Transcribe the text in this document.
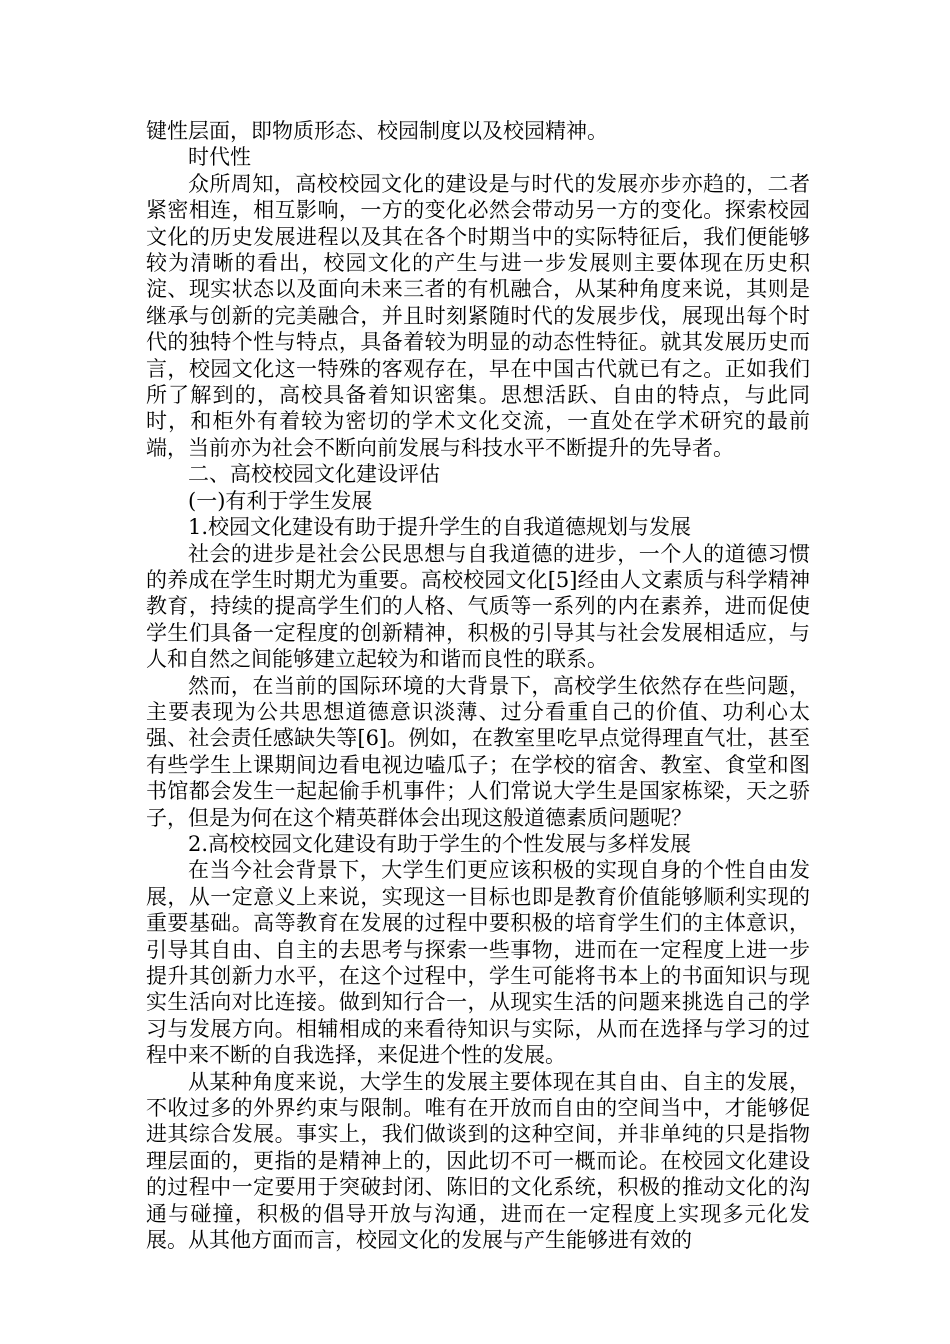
键性层面，即物质形态、校园制度以及校园精神。

时代性

众所周知，高校校园文化的建设是与时代的发展亦步亦趋的，二者紧密相连，相互影响，一方的变化必然会带动另一方的变化。探索校园文化的历史发展进程以及其在各个时期当中的实际特征后，我们便能够较为清晰的看出，校园文化的产生与进一步发展则主要体现在历史积淀、现实状态以及面向未来三者的有机融合，从某种角度来说，其则是继承与创新的完美融合，并且时刻紧随时代的发展步伐，展现出每个时代的独特个性与特点，具备着较为明显的动态性特征。就其发展历史而言，校园文化这一特殊的客观存在，早在中国古代就已有之。正如我们所了解到的，高校具备着知识密集。思想活跃、自由的特点，与此同时，和柜外有着较为密切的学术文化交流，一直处在学术研究的最前端，当前亦为社会不断向前发展与科技水平不断提升的先导者。

二、高校校园文化建设评估

(一)有利于学生发展

1.校园文化建设有助于提升学生的自我道德规划与发展

社会的进步是社会公民思想与自我道德的进步，一个人的道德习惯的养成在学生时期尤为重要。高校校园文化[5]经由人文素质与科学精神教育，持续的提高学生们的人格、气质等一系列的内在素养，进而促使学生们具备一定程度的创新精神，积极的引导其与社会发展相适应，与人和自然之间能够建立起较为和谐而良性的联系。

然而，在当前的国际环境的大背景下，高校学生依然存在些问题，主要表现为公共思想道德意识淡薄、过分看重自己的价值、功利心太强、社会责任感缺失等[6]。例如，在教室里吃早点觉得理直气壮，甚至有些学生上课期间边看电视边嗑瓜子；在学校的宿舍、教室、食堂和图书馆都会发生一起起偷手机事件；人们常说大学生是国家栋梁，天之骄子，但是为何在这个精英群体会出现这般道德素质问题呢？

2.高校校园文化建设有助于学生的个性发展与多样发展

在当今社会背景下，大学生们更应该积极的实现自身的个性自由发展，从一定意义上来说，实现这一目标也即是教育价值能够顺利实现的重要基础。高等教育在发展的过程中要积极的培育学生们的主体意识，引导其自由、自主的去思考与探索一些事物，进而在一定程度上进一步提升其创新力水平，在这个过程中，学生可能将书本上的书面知识与现实生活向对比连接。做到知行合一，从现实生活的问题来挑选自己的学习与发展方向。相辅相成的来看待知识与实际，从而在选择与学习的过程中来不断的自我选择，来促进个性的发展。

从某种角度来说，大学生的发展主要体现在其自由、自主的发展，不收过多的外界约束与限制。唯有在开放而自由的空间当中，才能够促进其综合发展。事实上，我们做谈到的这种空间，并非单纯的只是指物理层面的，更指的是精神上的，因此切不可一概而论。在校园文化建设的过程中一定要用于突破封闭、陈旧的文化系统，积极的推动文化的沟通与碰撞，积极的倡导开放与沟通，进而在一定程度上实现多元化发展。从其他方面而言，校园文化的发展与产生能够进有效的
